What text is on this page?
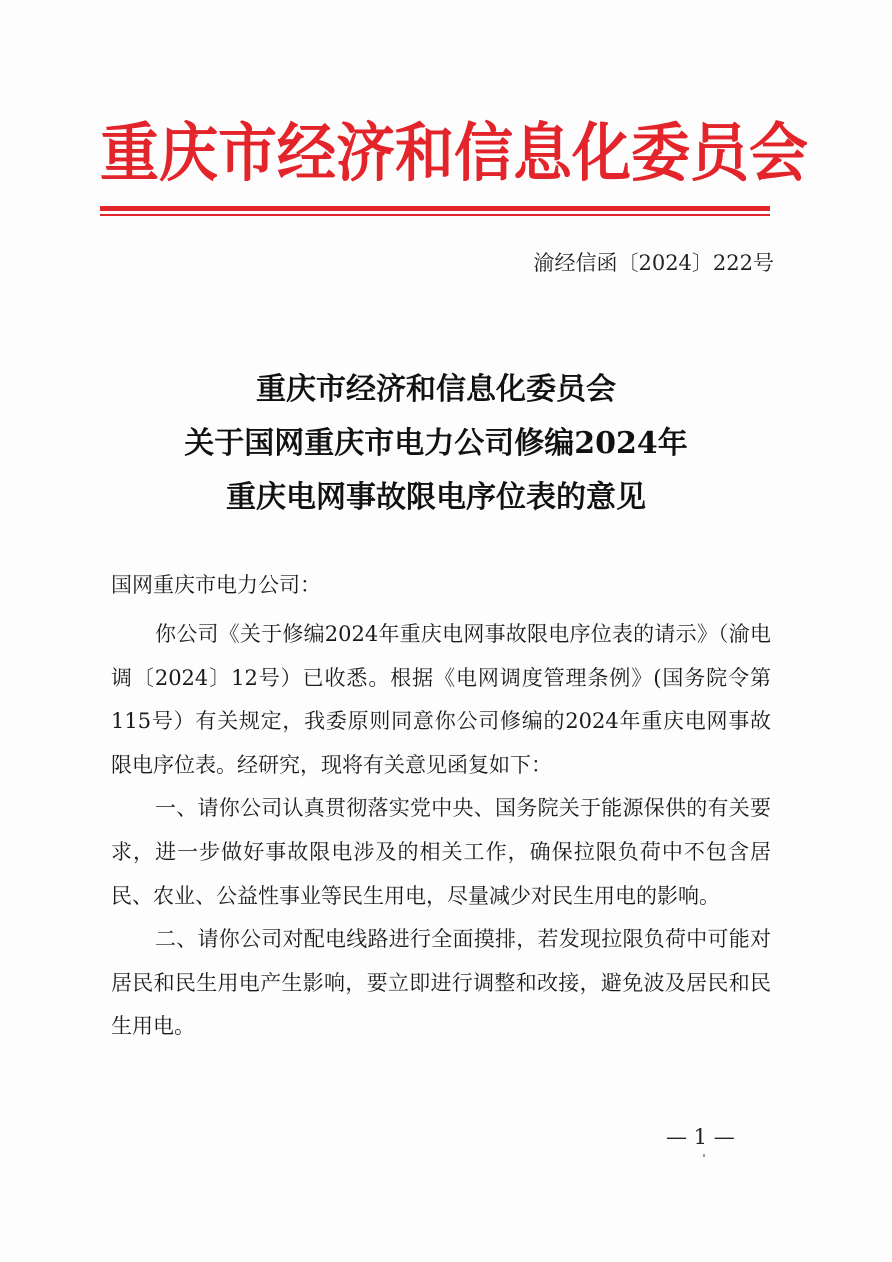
重庆市经济和信息化委员会
渝经信函〔2024〕222号
重庆市经济和信息化委员会
关于国网重庆市电力公司修编2024年
重庆电网事故限电序位表的意见
国网重庆市电力公司：

你公司《关于修编2024年重庆电网事故限电序位表的请示》（渝电调〔2024〕12号）已收悉。根据《电网调度管理条例》(国务院令第115号）有关规定，我委原则同意你公司修编的2024年重庆电网事故限电序位表。经研究，现将有关意见函复如下：

一、请你公司认真贯彻落实党中央、国务院关于能源保供的有关要求，进一步做好事故限电涉及的相关工作，确保拉限负荷中不包含居民、农业、公益性事业等民生用电，尽量减少对民生用电的影响。

二、请你公司对配电线路进行全面摸排，若发现拉限负荷中可能对居民和民生用电产生影响，要立即进行调整和改接，避免波及居民和民生用电。

— 1 —
